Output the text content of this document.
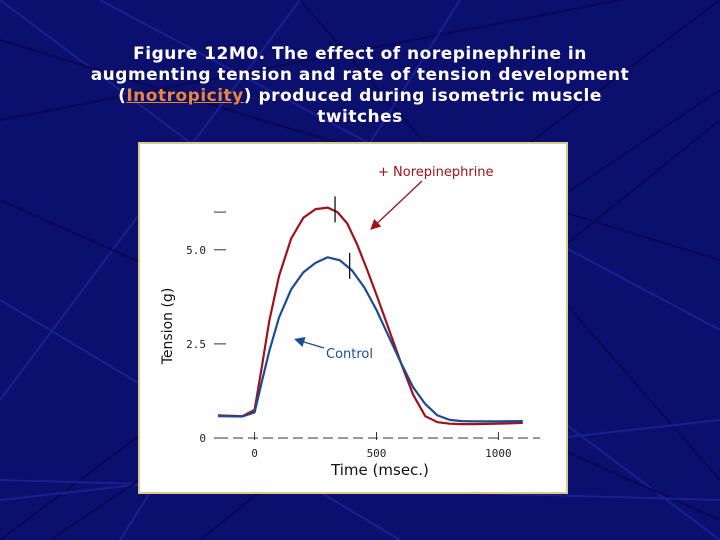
Figure 12M0. The effect of norepinephrine in
augmenting tension and rate of tension development
(Inotropicity) produced during isometric muscle
twitches
0	500	1000
0
2.5
5.0
+ Norepinephrine
Control
Tension (g)
Time (msec.)
